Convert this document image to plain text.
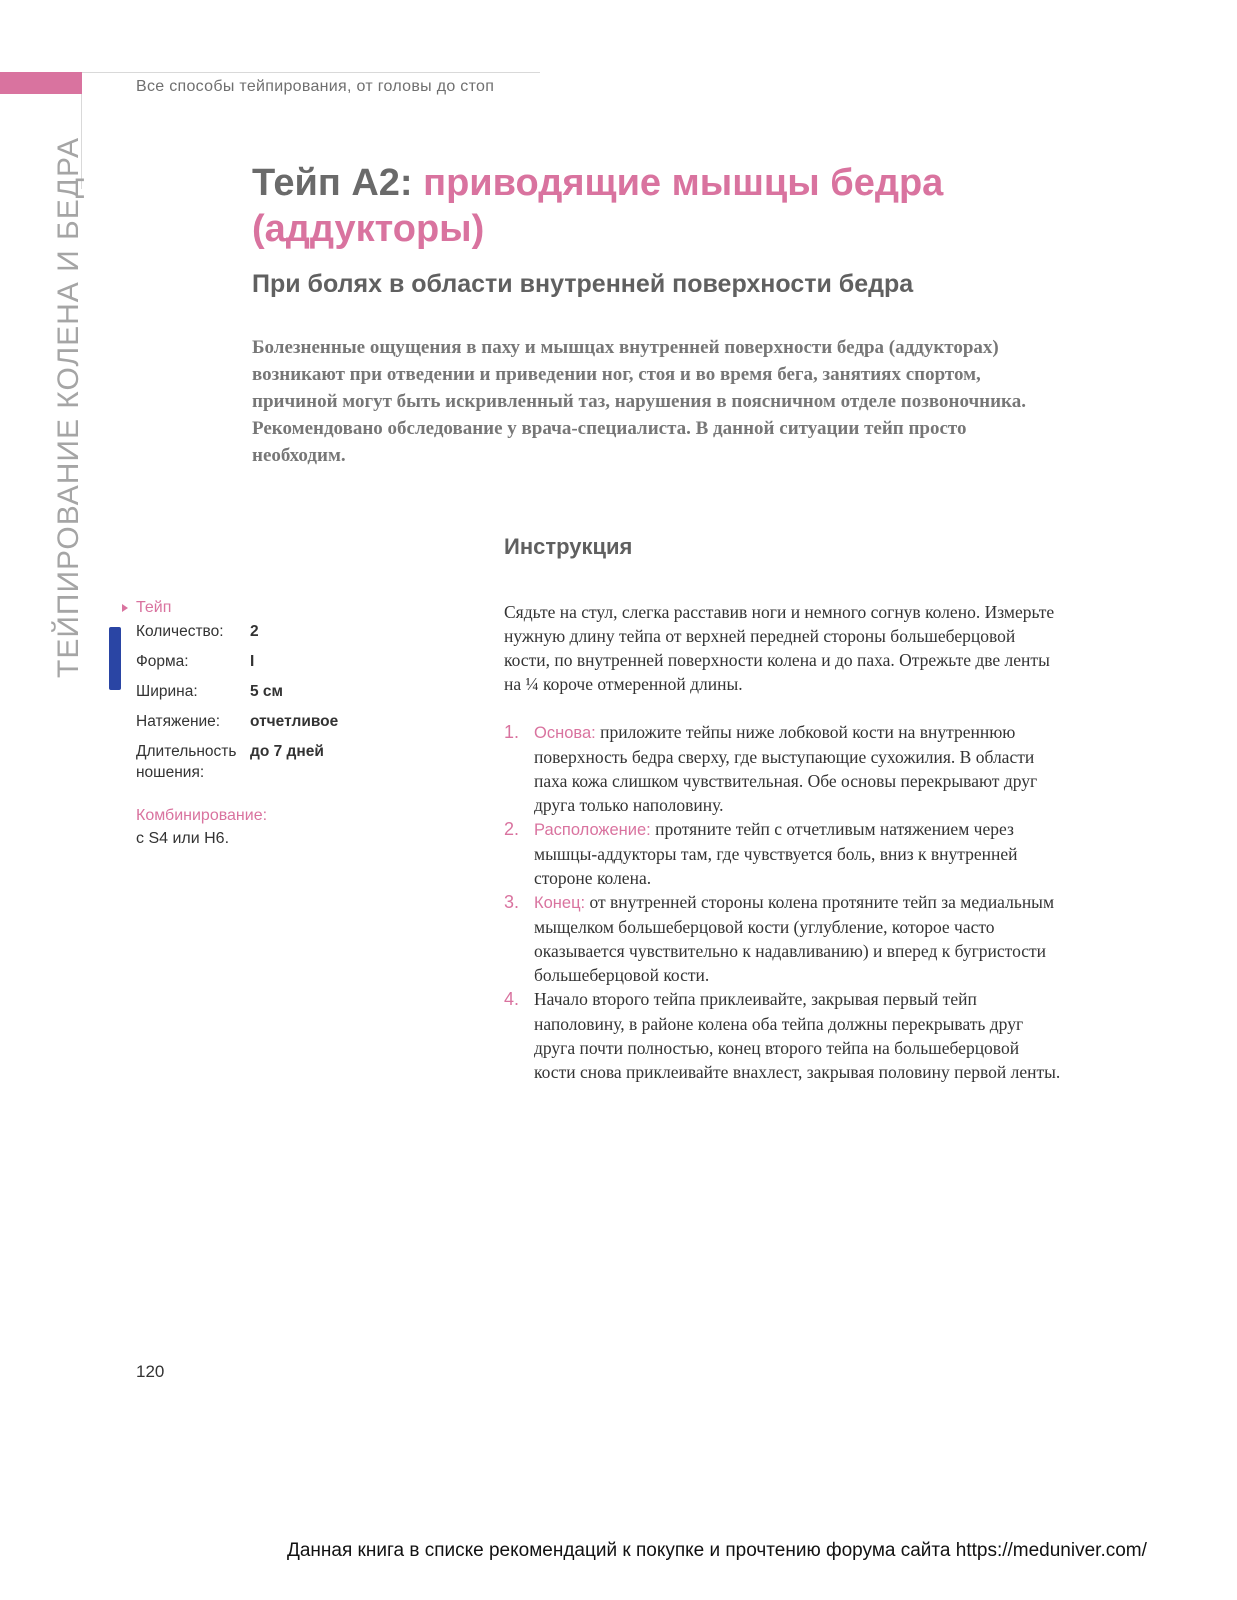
Все способы тейпирования, от головы до стоп
ТЕЙПИРОВАНИЕ КОЛЕНА И БЕДРА	Тейп A2: приводящие мышцы бедра (аддукторы)
При болях в области внутренней поверхности бедра

Болезненные ощущения в паху и мышцах внутренней поверхности бедра (аддукторах) возникают при отведении и приведении ног, стоя и во время бега, занятиях спортом, причиной могут быть искривленный таз, нарушения в поясничном отделе позвоночника. Рекомендовано обследование у врача-специалиста. В данной ситуации тейп просто необходим.

Тейп
Количество:	2
Форма:	I
Ширина:	5 см
Натяжение:	отчетливое
Длительность ношения:	до 7 дней
Комбинирование:
с S4 или H6.
Инструкция

Сядьте на стул, слегка расставив ноги и немного согнув колено. Измерьте нужную длину тейпа от верхней передней стороны большеберцовой кости, по внутренней поверхности колена и до паха. Отрежьте две ленты на ¼ короче отмеренной длины.

1. Основа: приложите тейпы ниже лобковой кости на внутреннюю поверхность бедра сверху, где выступающие сухожилия. В области паха кожа слишком чувствительная. Обе основы перекрывают друг друга только наполовину.
2. Расположение: протяните тейп с отчетливым натяжением через мышцы-аддукторы там, где чувствуется боль, вниз к внутренней стороне колена.
3. Конец: от внутренней стороны колена протяните тейп за медиальным мыщелком большеберцовой кости (углубление, которое часто оказывается чувствительно к надавливанию) и вперед к бугристости большеберцовой кости.
4. Начало второго тейпа приклеивайте, закрывая первый тейп наполовину, в районе колена оба тейпа должны перекрывать друг друга почти полностью, конец второго тейпа на большеберцовой кости снова приклеивайте внахлест, закрывая половину первой ленты.
120
Данная книга в списке рекомендаций к покупке и прочтению форума сайта https://meduniver.com/
